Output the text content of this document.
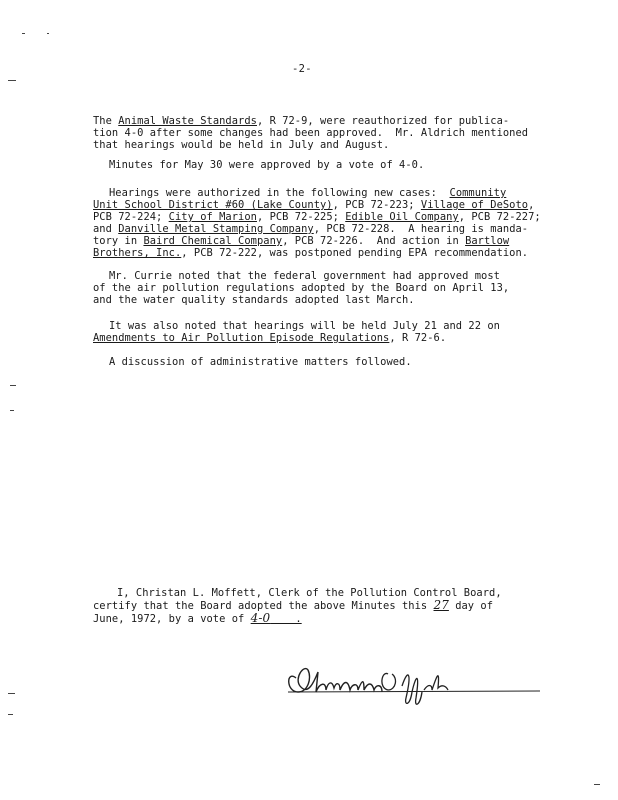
-2-
The Animal Waste Standards, R 72-9, were reauthorized for publica-
tion 4-0 after some changes had been approved.  Mr. Aldrich mentioned
that hearings would be held in July and August.
Minutes for May 30 were approved by a vote of 4-0.
Hearings were authorized in the following new cases:  Community
Unit School District #60 (Lake County), PCB 72-223; Village of DeSoto,
PCB 72-224; City of Marion, PCB 72-225; Edible Oil Company, PCB 72-227;
and Danville Metal Stamping Company, PCB 72-228.  A hearing is manda-
tory in Baird Chemical Company, PCB 72-226.  And action in Bartlow
Brothers, Inc., PCB 72-222, was postponed pending EPA recommendation.
Mr. Currie noted that the federal government had approved most
of the air pollution regulations adopted by the Board on April 13,
and the water quality standards adopted last March.
It was also noted that hearings will be held July 21 and 22 on
Amendments to Air Pollution Episode Regulations, R 72-6.
A discussion of administrative matters followed.
I, Christan L. Moffett, Clerk of the Pollution Control Board,
certify that the Board adopted the above Minutes this 27 day of
June, 1972, by a vote of 4-0    .
